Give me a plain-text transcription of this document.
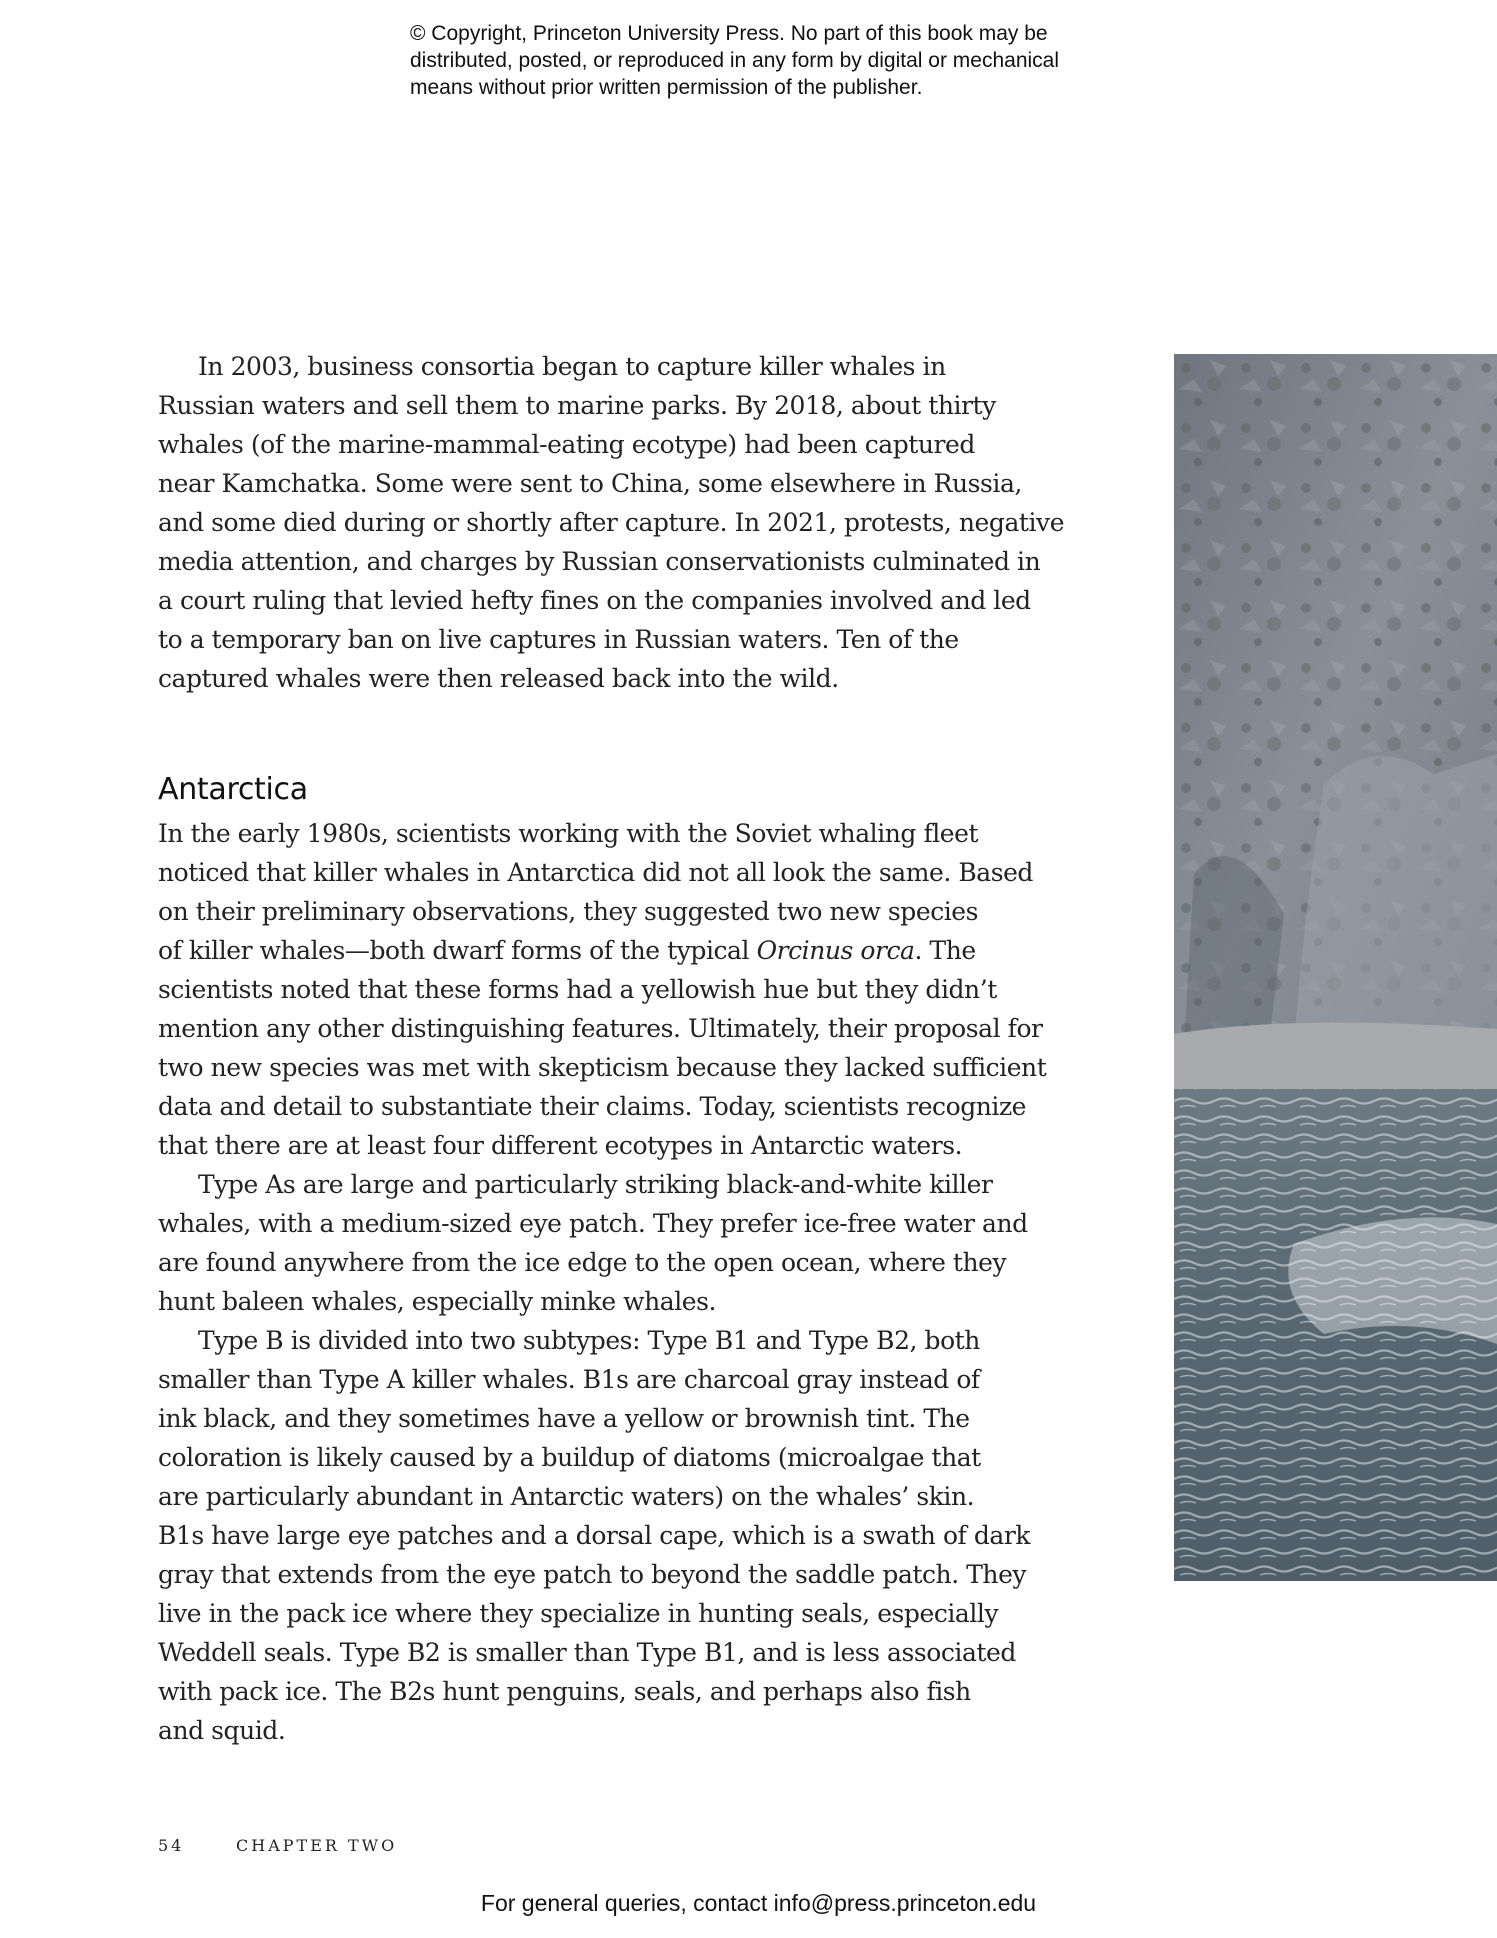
© Copyright, Princeton University Press. No part of this book may be
distributed, posted, or reproduced in any form by digital or mechanical
means without prior written permission of the publisher.
In 2003, business consortia began to capture killer whales in
Russian waters and sell them to marine parks. By 2018, about thirty
whales (of the marine-mammal-eating ecotype) had been captured
near Kamchatka. Some were sent to China, some elsewhere in Russia,
and some died during or shortly after capture. In 2021, protests, negative
media attention, and charges by Russian conservationists culminated in
a court ruling that levied hefty fines on the companies involved and led
to a temporary ban on live captures in Russian waters. Ten of the
captured whales were then released back into the wild.
Antarctica
In the early 1980s, scientists working with the Soviet whaling fleet
noticed that killer whales in Antarctica did not all look the same. Based
on their preliminary observations, they suggested two new species
of killer whales—both dwarf forms of the typical Orcinus orca. The
scientists noted that these forms had a yellowish hue but they didn’t
mention any other distinguishing features. Ultimately, their proposal for
two new species was met with skepticism because they lacked sufficient
data and detail to substantiate their claims. Today, scientists recognize
that there are at least four different ecotypes in Antarctic waters.
Type As are large and particularly striking black-and-white killer
whales, with a medium-sized eye patch. They prefer ice-free water and
are found anywhere from the ice edge to the open ocean, where they
hunt baleen whales, especially minke whales.
Type B is divided into two subtypes: Type B1 and Type B2, both
smaller than Type A killer whales. B1s are charcoal gray instead of
ink black, and they sometimes have a yellow or brownish tint. The
coloration is likely caused by a buildup of diatoms (microalgae that
are particularly abundant in Antarctic waters) on the whales’ skin.
B1s have large eye patches and a dorsal cape, which is a swath of dark
gray that extends from the eye patch to beyond the saddle patch. They
live in the pack ice where they specialize in hunting seals, especially
Weddell seals. Type B2 is smaller than Type B1, and is less associated
with pack ice. The B2s hunt penguins, seals, and perhaps also fish
and squid.
54	CHAPTER TWO
For general queries, contact info@press.princeton.edu
